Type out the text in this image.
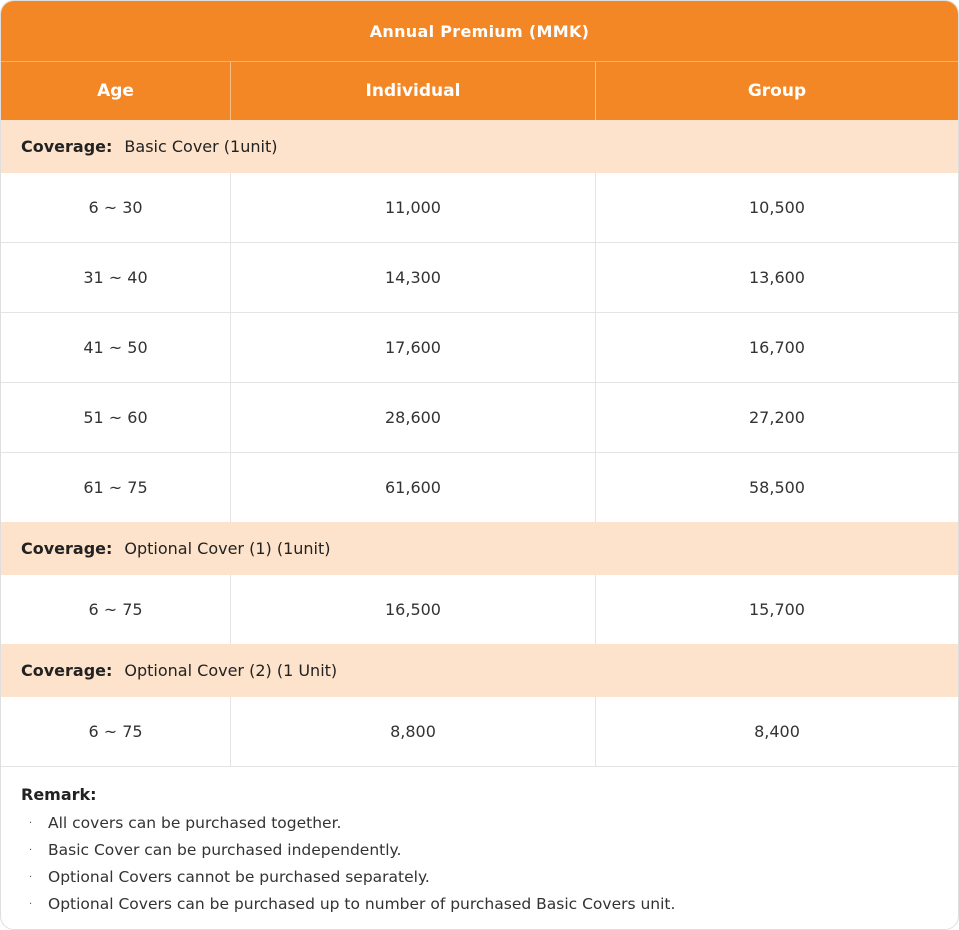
Annual Premium (MMK)
Age	Individual	Group
Coverage: Basic Cover (1unit)
6 ~ 30	11,000	10,500
31 ~ 40	14,300	13,600
41 ~ 50	17,600	16,700
51 ~ 60	28,600	27,200
61 ~ 75	61,600	58,500
Coverage: Optional Cover (1) (1unit)
6 ~ 75	16,500	15,700
Coverage: Optional Cover (2) (1 Unit)
6 ~ 75	8,800	8,400
Remark:
·	All covers can be purchased together.
·	Basic Cover can be purchased independently.
·	Optional Covers cannot be purchased separately.
·	Optional Covers can be purchased up to number of purchased Basic Covers unit.
